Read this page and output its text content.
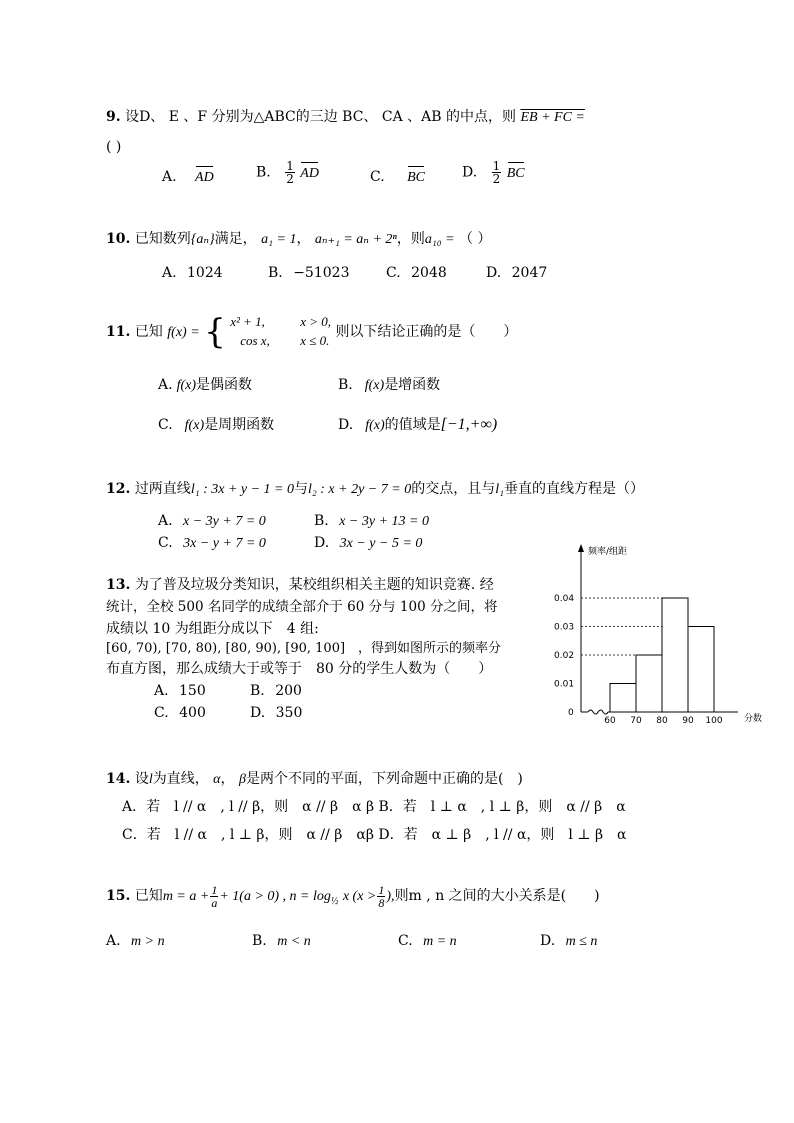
9. 设D、 E 、F 分别为△ABC的三边 BC、 CA 、AB 的中点，则 EB + FC =
( )
A. AD	B. $\frac{1}{2}$ AD	C. BC	D. $\frac{1}{2}$ BC
10. 已知数列{aₙ}满足， a₁ = 1， aₙ₊₁ = aₙ + 2ⁿ，则a₁₀ = （ ）
A. 1024	B. −51023	C. 2048	D. 2047
11. 已知 f(x) = { x² + 1,	x > 0,
cos x, x ≤ 0.
则以下结论正确的是（　　）
A. f(x)是偶函数	B. f(x)是增函数
C. f(x)是周期函数	D. f(x)的值域是[−1,+∞)
12. 过两直线l₁ : 3x + y − 1 = 0与l₂ : x + 2y − 7 = 0的交点，且与l₁垂直的直线方程是（）
A. x − 3y + 7 = 0	B. x − 3y + 13 = 0
C. 3x − y + 7 = 0	D. 3x − y − 5 = 0
13. 为了普及垃圾分类知识，某校组织相关主题的知识竞赛. 经
统计，全校 500 名同学的成绩全部介于 60 分与 100 分之间，将
成绩以 10 为组距分成以下　4 组:
[60, 70), [70, 80), [80, 90), [90, 100]　，得到如图所示的频率分
布直方图，那么成绩大于或等于　80 分的学生人数为（　　）
A. 150	B. 200
C. 400	D. 350
频率/组距
分数
0
0.01
0.02
0.03
0.04
60 70 80 90 100
14. 设l为直线， α， β是两个不同的平面，下列命题中正确的是(　)
A．若　l // α　, l // β，则　α // β　α β B．若　l ⊥ α　, l ⊥ β，则　α // β　α
C．若　l // α　, l ⊥ β，则　α // β　αβ D．若　α ⊥ β　, l // α，则　l ⊥ β　α
15. 已知$m = a + \frac{1}{a} + 1(a > 0)$ , $n = \log_{\frac{1}{2}} x$ ($x > \frac{1}{8}$ ),则m , n 之间的大小关系是(　　)
A. m > n	B. m < n	C. m = n	D. m ≤ n
